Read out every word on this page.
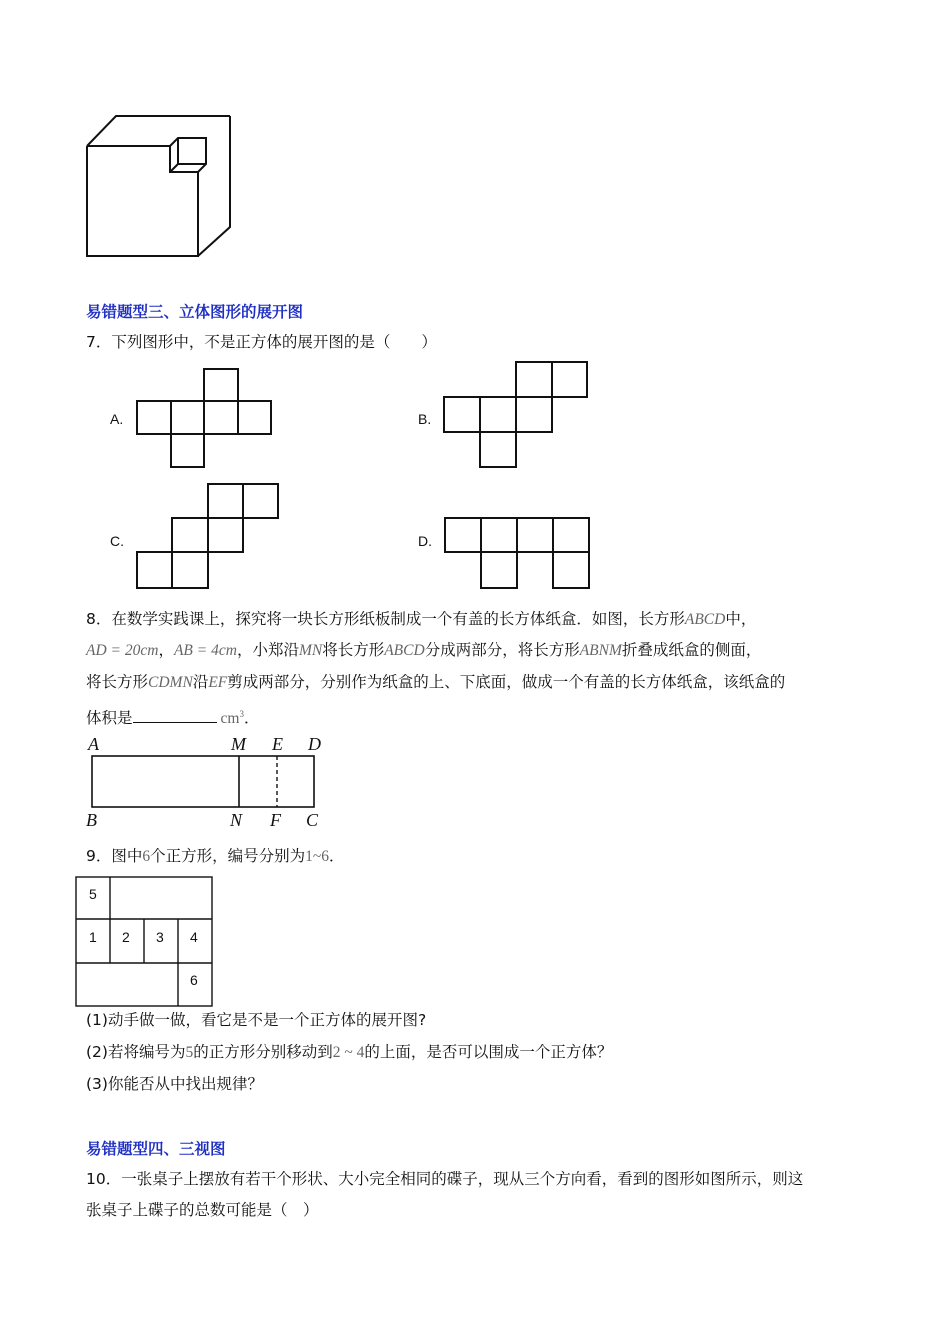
易错题型三、立体图形的展开图
7．下列图形中，不是正方体的展开图的是（　　）
A.	B.
C.	D.
8．在数学实践课上，探究将一块长方形纸板制成一个有盖的长方体纸盒．如图，长方形ABCD中，
AD = 20cm，AB = 4cm，小郑沿MN将长方形ABCD分成两部分，将长方形ABNM折叠成纸盒的侧面，
将长方形CDMN沿EF剪成两部分，分别作为纸盒的上、下底面，做成一个有盖的长方体纸盒，该纸盒的
体积是	$cm^3$．
A	M E D
B	N F C
9．图中6个正方形，编号分别为1~6．
5
1 2 3 4
6
(1)动手做一做，看它是不是一个正方体的展开图?
(2)若将编号为5的正方形分别移动到2 ~ 4的上面，是否可以围成一个正方体？
(3)你能否从中找出规律？
易错题型四、三视图
10．一张桌子上摆放有若干个形状、大小完全相同的碟子，现从三个方向看，看到的图形如图所示，则这
张桌子上碟子的总数可能是（　）
